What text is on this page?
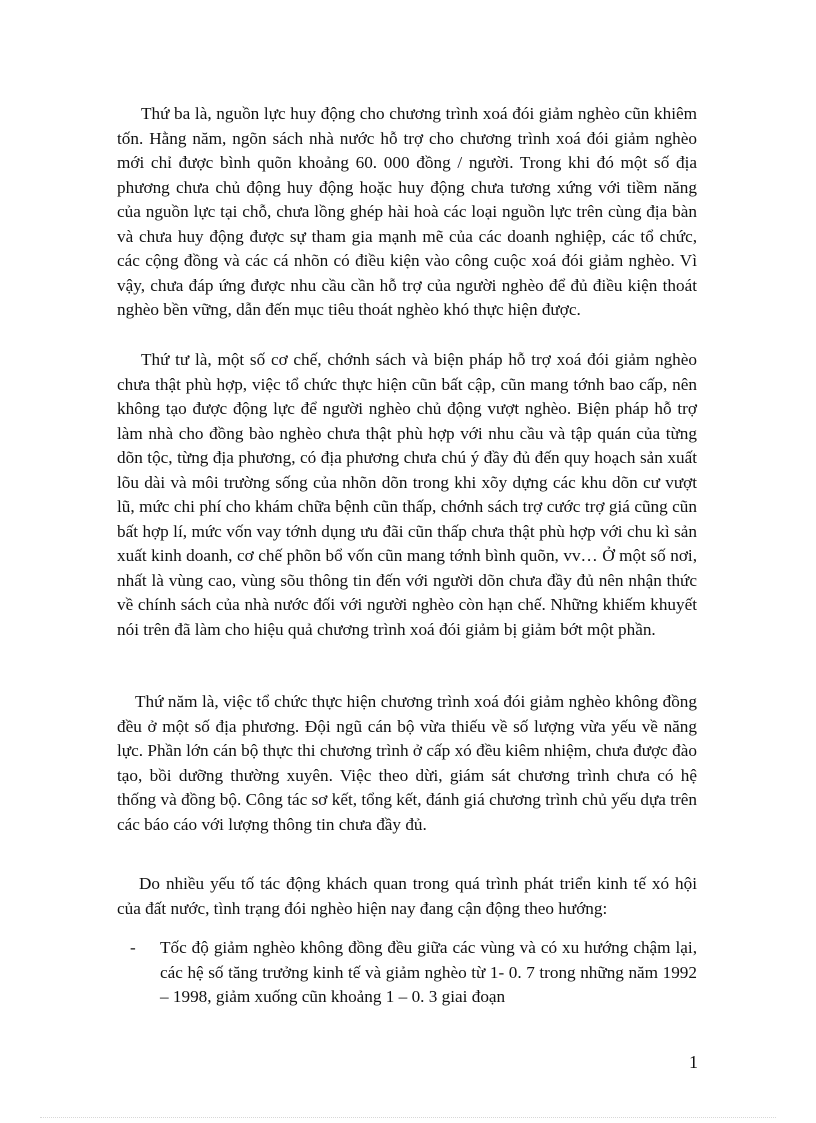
Thứ ba là, nguồn lực huy động cho chương trình xoá đói giảm nghèo cũn khiêm tốn. Hằng năm, ngõn sách nhà nước hỗ trợ cho chương trình xoá đói giảm nghèo mới chỉ được bình quõn khoảng 60. 000 đồng / người. Trong khi đó một số địa phương chưa chủ động huy động hoặc huy động chưa tương xứng với tiềm năng của nguồn lực tại chỗ, chưa lồng ghép hài hoà các loại nguồn lực trên cùng địa bàn và chưa huy động được sự tham gia mạnh mẽ của các doanh nghiệp, các tổ chức, các cộng đồng và các cá nhõn có điều kiện vào công cuộc xoá đói giảm nghèo. Vì vậy, chưa đáp ứng được nhu cầu cần hỗ trợ của người nghèo để đủ điều kiện thoát nghèo bền vững, dẫn đến mục tiêu thoát nghèo khó thực hiện được.

Thứ tư là, một số cơ chế, chớnh sách và biện pháp hỗ trợ xoá đói giảm nghèo chưa thật phù hợp, việc tổ chức thực hiện cũn bất cập, cũn mang tớnh bao cấp, nên không tạo được động lực để người nghèo chủ động vượt nghèo. Biện pháp hỗ trợ làm nhà cho đồng bào nghèo chưa thật phù hợp với nhu cầu và tập quán của từng dõn tộc, từng địa phương, có địa phương chưa chú ý đầy đủ đến quy hoạch sản xuất lõu dài và môi trường sống của nhõn dõn trong khi xõy dựng các khu dõn cư vượt lũ, mức chi phí cho khám chữa bệnh cũn thấp, chớnh sách trợ cước trợ giá cũng cũn bất hợp lí, mức vốn vay tớnh dụng ưu đãi cũn thấp chưa thật phù hợp với chu kì sản xuất kinh doanh, cơ chế phõn bổ vốn cũn mang tớnh bình quõn, vv… Ở một số nơi, nhất là vùng cao, vùng sõu thông tin đến với người dõn chưa đầy đủ nên nhận thức về chính sách của nhà nước đối với người nghèo còn hạn chế. Những khiếm khuyết nói trên đã làm cho hiệu quả chương trình xoá đói giảm bị giảm bớt một phần.

Thứ năm là, việc tổ chức thực hiện chương trình xoá đói giảm nghèo không đồng đều ở một số địa phương. Đội ngũ cán bộ vừa thiếu về số lượng vừa yếu về năng lực. Phần lớn cán bộ thực thi chương trình ở cấp xó đều kiêm nhiệm, chưa được đào tạo, bồi dưỡng thường xuyên. Việc theo dừi, giám sát chương trình chưa có hệ thống và đồng bộ. Công tác sơ kết, tổng kết, đánh giá chương trình chủ yếu dựa trên các báo cáo với lượng thông tin chưa đầy đủ.

Do nhiều yếu tố tác động khách quan trong quá trình phát triển kinh tế xó hội của đất nước, tình trạng đói nghèo hiện nay đang cận động theo hướng:

- Tốc độ giảm nghèo không đồng đều giữa các vùng và có xu hướng chậm lại, các hệ số tăng trưởng kinh tế và giảm nghèo từ 1- 0. 7 trong những năm 1992 – 1998, giảm xuống cũn khoảng 1 – 0. 3 giai đoạn

1
